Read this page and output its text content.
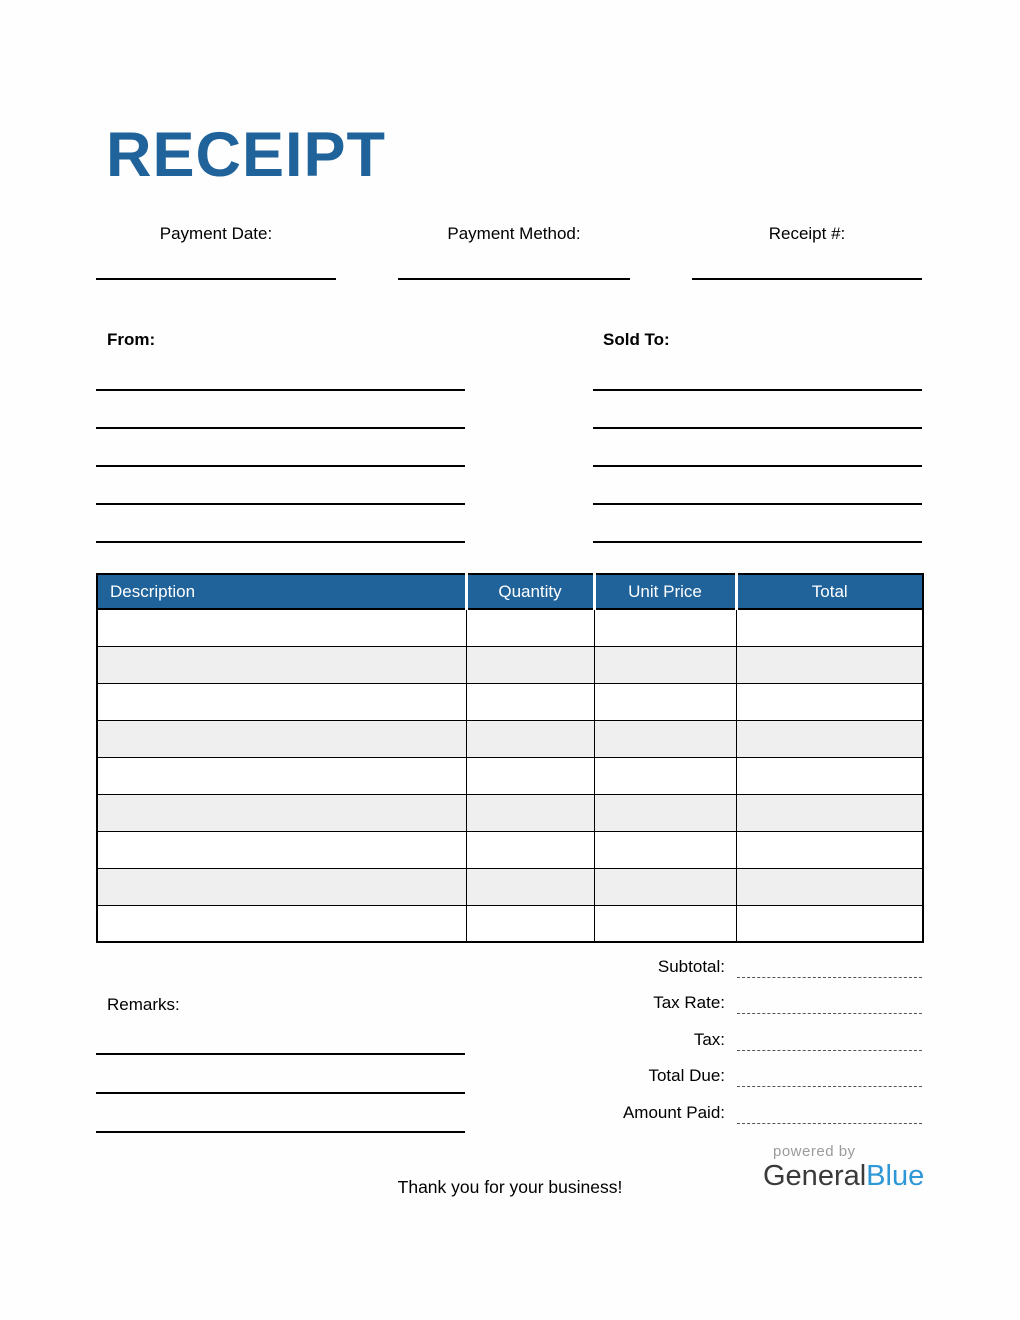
RECEIPT
Payment Date:	Payment Method:	Receipt #:
From:	Sold To:
Description	Quantity	Unit Price	Total

Subtotal:
Tax Rate:
Tax:
Total Due:
Amount Paid:
Remarks:
Thank you for your business!
powered by
GeneralBlue
